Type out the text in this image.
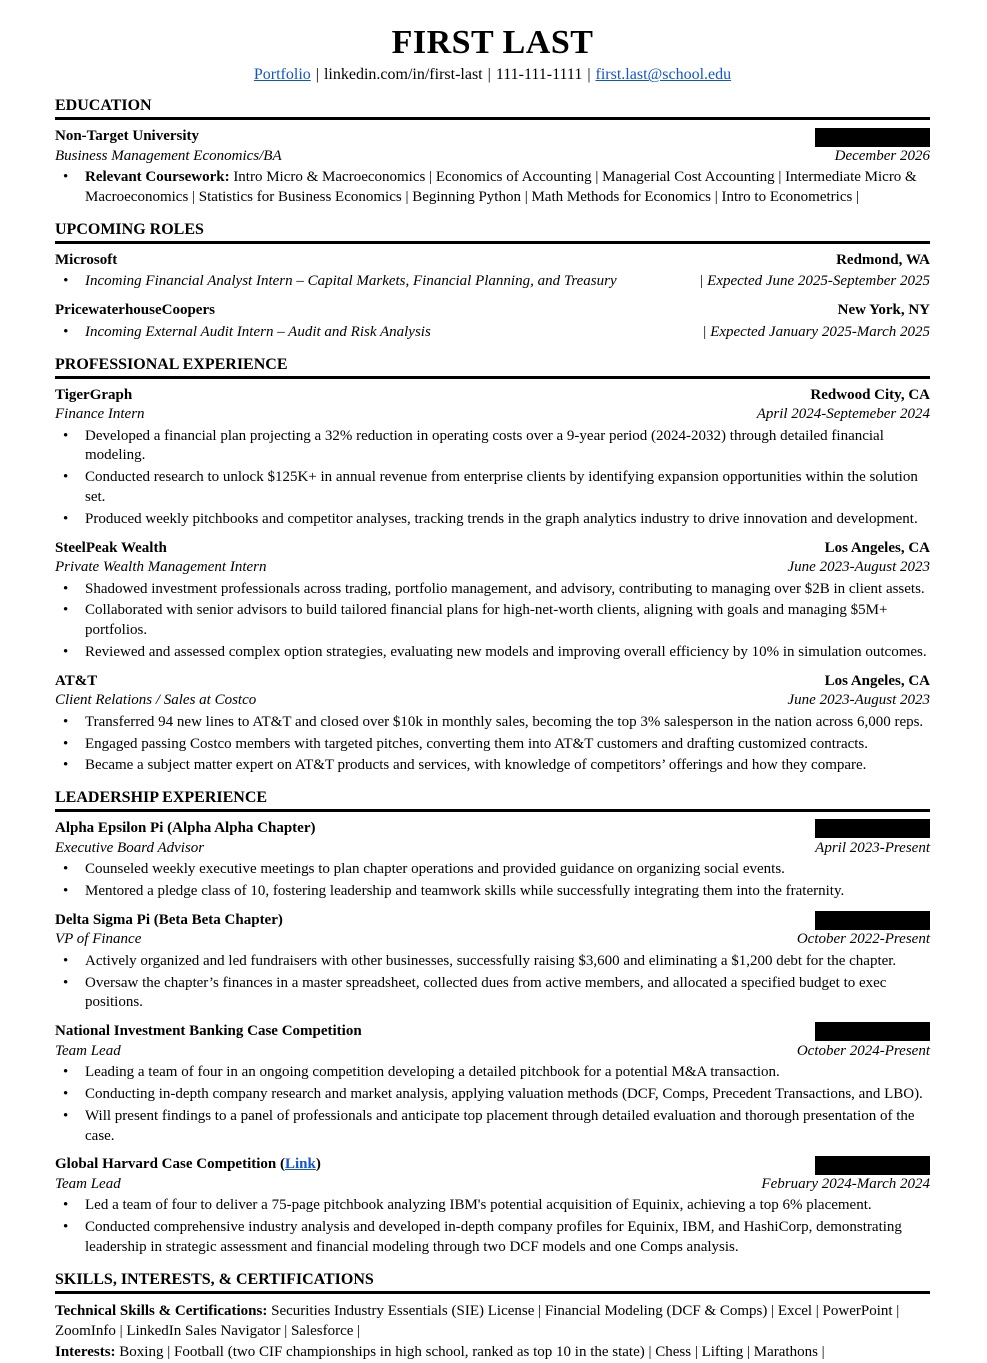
FIRST LAST
Portfolio | linkedin.com/in/first-last | 111-111-1111 | first.last@school.edu
EDUCATION
Non-Target University
Business Management Economics/BA	December 2026
•	Relevant Coursework: Intro Micro & Macroeconomics | Economics of Accounting | Managerial Cost Accounting | Intermediate Micro & Macroeconomics | Statistics for Business Economics | Beginning Python | Math Methods for Economics | Intro to Econometrics |
UPCOMING ROLES
Microsoft	Redmond, WA
•	Incoming Financial Analyst Intern – Capital Markets, Financial Planning, and Treasury	| Expected June 2025-September 2025
PricewaterhouseCoopers	New York, NY
•	Incoming External Audit Intern – Audit and Risk Analysis	| Expected January 2025-March 2025
PROFESSIONAL EXPERIENCE
TigerGraph	Redwood City, CA
Finance Intern	April 2024-Septemeber 2024
•	Developed a financial plan projecting a 32% reduction in operating costs over a 9-year period (2024-2032) through detailed financial modeling.
•	Conducted research to unlock $125K+ in annual revenue from enterprise clients by identifying expansion opportunities within the solution set.
•	Produced weekly pitchbooks and competitor analyses, tracking trends in the graph analytics industry to drive innovation and development.
SteelPeak Wealth	Los Angeles, CA
Private Wealth Management Intern	June 2023-August 2023
•	Shadowed investment professionals across trading, portfolio management, and advisory, contributing to managing over $2B in client assets.
•	Collaborated with senior advisors to build tailored financial plans for high-net-worth clients, aligning with goals and managing $5M+ portfolios.
•	Reviewed and assessed complex option strategies, evaluating new models and improving overall efficiency by 10% in simulation outcomes.
AT&T	Los Angeles, CA
Client Relations / Sales at Costco	June 2023-August 2023
•	Transferred 94 new lines to AT&T and closed over $10k in monthly sales, becoming the top 3% salesperson in the nation across 6,000 reps.
•	Engaged passing Costco members with targeted pitches, converting them into AT&T customers and drafting customized contracts.
•	Became a subject matter expert on AT&T products and services, with knowledge of competitors’ offerings and how they compare.
LEADERSHIP EXPERIENCE
Alpha Epsilon Pi (Alpha Alpha Chapter)
Executive Board Advisor	April 2023-Present
•	Counseled weekly executive meetings to plan chapter operations and provided guidance on organizing social events.
•	Mentored a pledge class of 10, fostering leadership and teamwork skills while successfully integrating them into the fraternity.
Delta Sigma Pi (Beta Beta Chapter)
VP of Finance	October 2022-Present
•	Actively organized and led fundraisers with other businesses, successfully raising $3,600 and eliminating a $1,200 debt for the chapter.
•	Oversaw the chapter’s finances in a master spreadsheet, collected dues from active members, and allocated a specified budget to exec positions.
National Investment Banking Case Competition
Team Lead	October 2024-Present
•	Leading a team of four in an ongoing competition developing a detailed pitchbook for a potential M&A transaction.
•	Conducting in-depth company research and market analysis, applying valuation methods (DCF, Comps, Precedent Transactions, and LBO).
•	Will present findings to a panel of professionals and anticipate top placement through detailed evaluation and thorough presentation of the case.
Global Harvard Case Competition (Link)
Team Lead	February 2024-March 2024
•	Led a team of four to deliver a 75-page pitchbook analyzing IBM's potential acquisition of Equinix, achieving a top 6% placement.
•	Conducted comprehensive industry analysis and developed in-depth company profiles for Equinix, IBM, and HashiCorp, demonstrating leadership in strategic assessment and financial modeling through two DCF models and one Comps analysis.
SKILLS, INTERESTS, & CERTIFICATIONS
Technical Skills & Certifications: Securities Industry Essentials (SIE) License | Financial Modeling (DCF & Comps) | Excel | PowerPoint | ZoomInfo | LinkedIn Sales Navigator | Salesforce |
Interests: Boxing | Football (two CIF championships in high school, ranked as top 10 in the state) | Chess | Lifting | Marathons |
